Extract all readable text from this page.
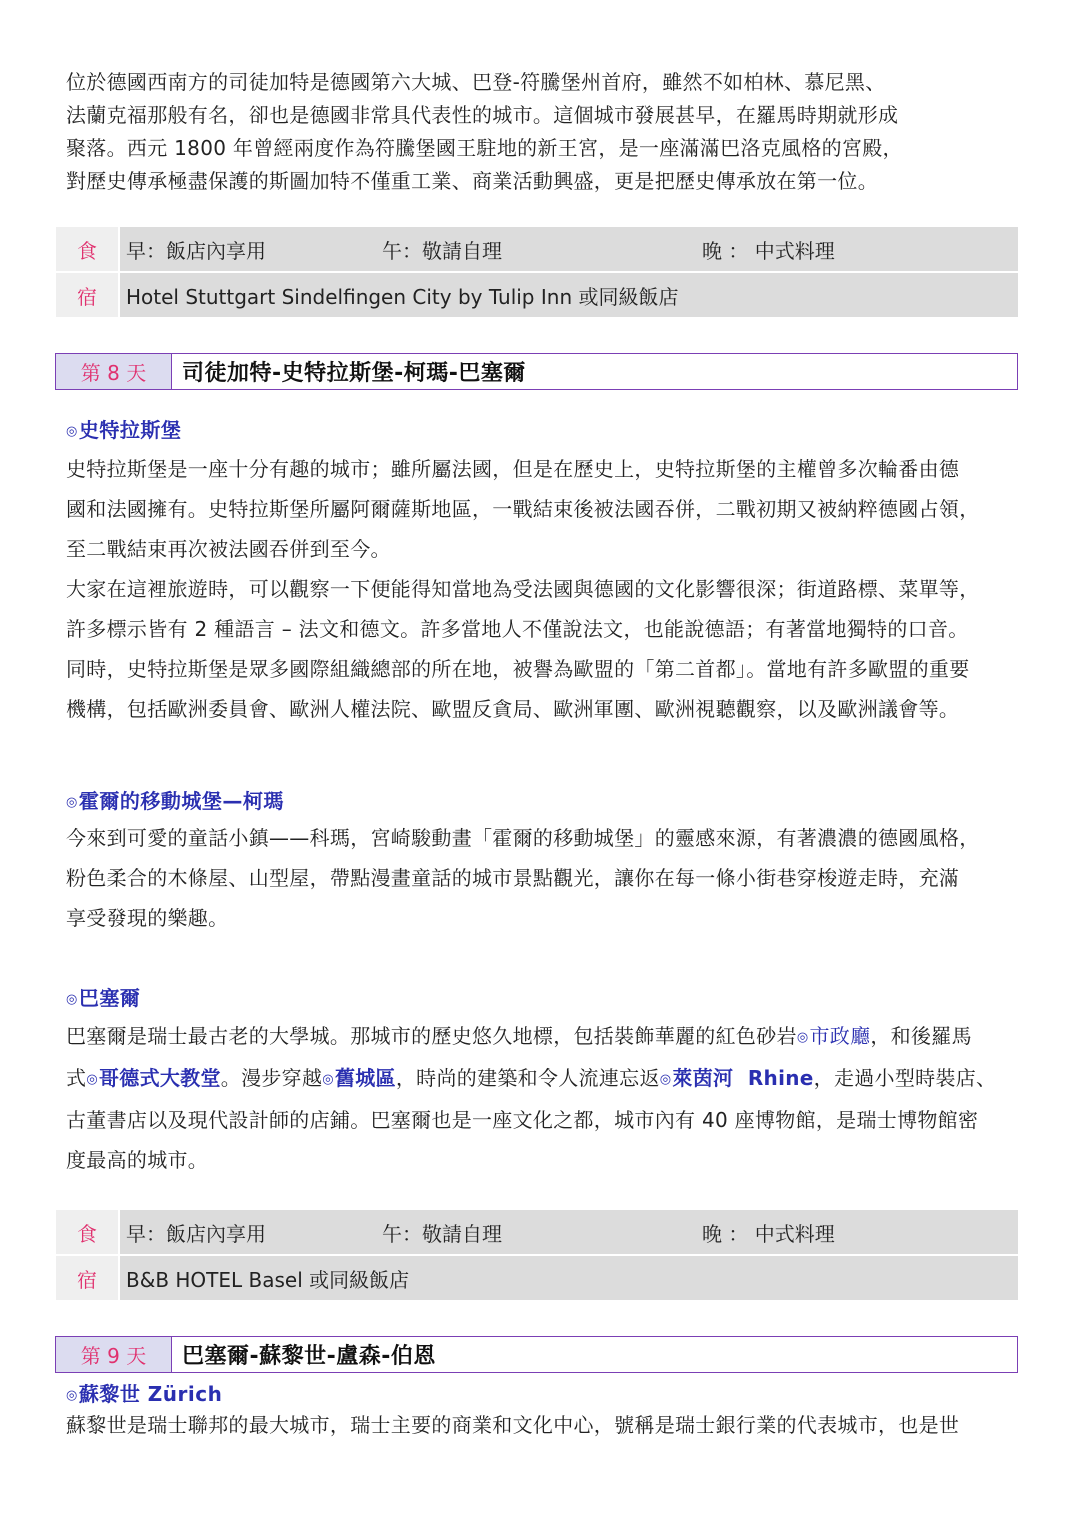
位於德國西南方的司徒加特是德國第六大城、巴登-符騰堡州首府，雖然不如柏林、慕尼黑、
法蘭克福那般有名，卻也是德國非常具代表性的城市。這個城市發展甚早，在羅馬時期就形成
聚落。西元 1800 年曾經兩度作為符騰堡國王駐地的新王宮，是一座滿滿巴洛克風格的宮殿，
對歷史傳承極盡保護的斯圖加特不僅重工業、商業活動興盛，更是把歷史傳承放在第一位。
食	早：飯店內享用	午：敬請自理	晚 ： 中式料理
宿	Hotel Stuttgart Sindelfingen City by Tulip Inn 或同級飯店		
第 8 天	司徒加特-史特拉斯堡-柯瑪-巴塞爾
◎史特拉斯堡
史特拉斯堡是一座十分有趣的城市；雖所屬法國，但是在歷史上，史特拉斯堡的主權曾多次輪番由德
國和法國擁有。史特拉斯堡所屬阿爾薩斯地區，一戰結束後被法國吞併，二戰初期又被納粹德國占領，
至二戰結束再次被法國吞併到至今。
大家在這裡旅遊時，可以觀察一下便能得知當地為受法國與德國的文化影響很深；街道路標、菜單等，
許多標示皆有 2 種語言 – 法文和德文。許多當地人不僅說法文，也能說德語；有著當地獨特的口音。
同時，史特拉斯堡是眾多國際組織總部的所在地，被譽為歐盟的「第二首都」。當地有許多歐盟的重要
機構，包括歐洲委員會、歐洲人權法院、歐盟反貪局、歐洲軍團、歐洲視聽觀察，以及歐洲議會等。
◎霍爾的移動城堡—柯瑪
今來到可愛的童話小鎮——科瑪，宮崎駿動畫「霍爾的移動城堡」的靈感來源，有著濃濃的德國風格，
粉色柔合的木條屋、山型屋，帶點漫畫童話的城市景點觀光，讓你在每一條小街巷穿梭遊走時，充滿
享受發現的樂趣。
◎巴塞爾
巴塞爾是瑞士最古老的大學城。那城市的歷史悠久地標，包括裝飾華麗的紅色砂岩◎市政廳，和後羅馬
式◎哥德式大教堂。漫步穿越◎舊城區，時尚的建築和令人流連忘返◎萊茵河  Rhine，走過小型時裝店、
古董書店以及現代設計師的店鋪。巴塞爾也是一座文化之都，城市內有 40 座博物館，是瑞士博物館密
度最高的城市。
食	早：飯店內享用	午：敬請自理	晚 ： 中式料理
宿	B&B HOTEL Basel 或同級飯店		
第 9 天	巴塞爾-蘇黎世-盧森-伯恩
◎蘇黎世 Zürich
蘇黎世是瑞士聯邦的最大城市，瑞士主要的商業和文化中心，號稱是瑞士銀行業的代表城市，也是世
